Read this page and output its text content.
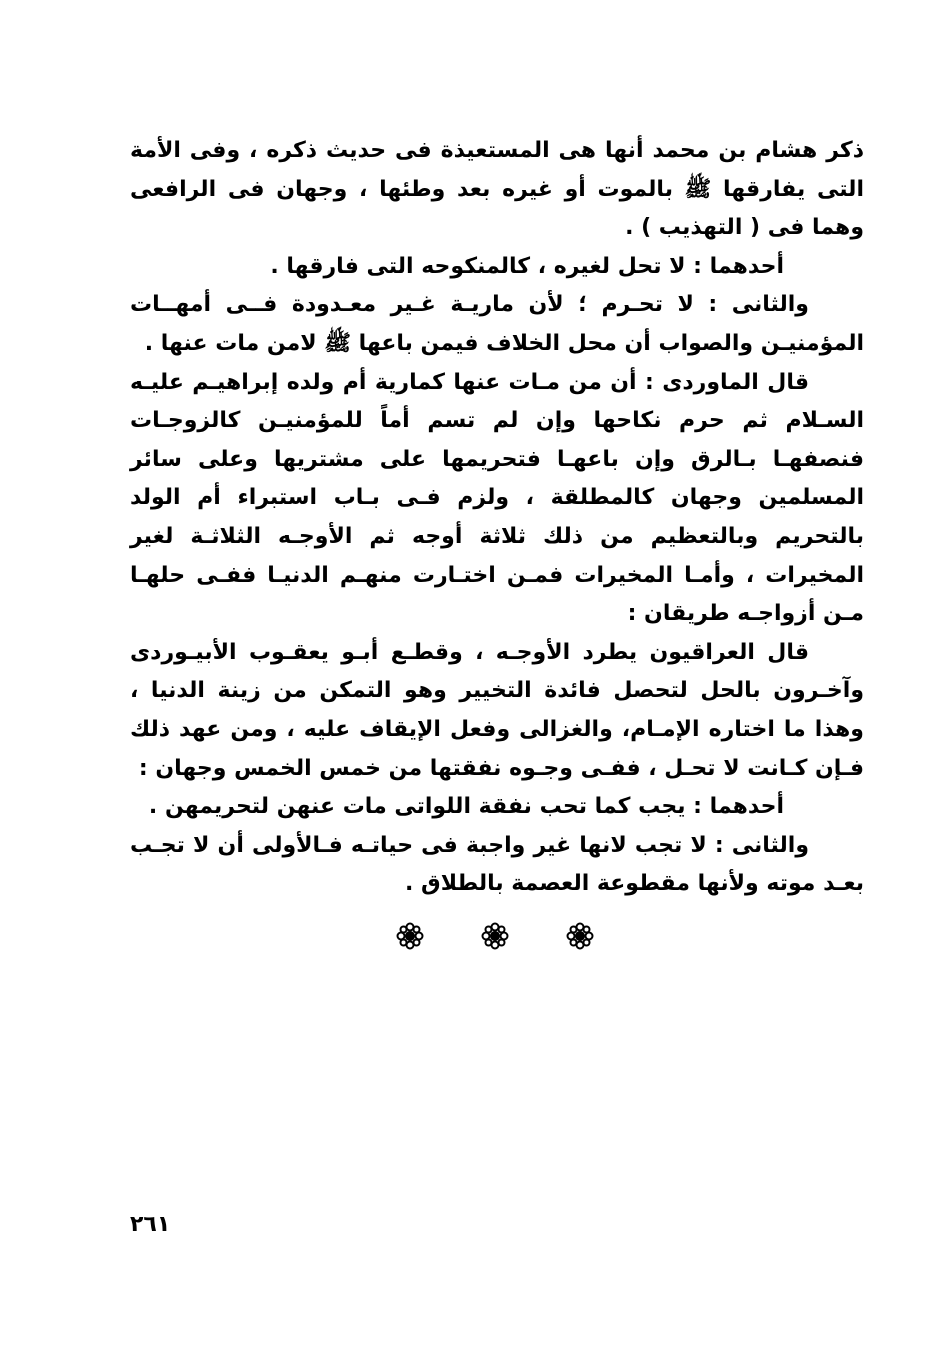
ذكر هشام بن محمد أنها هى المستعيذة فى حديث ذكره ، وفى الأمة التى يفارقها ﷺ بالموت أو غيره بعد وطئها ، وجهان فى الرافعى وهما فى ( التهذيب ) .

أحدهما : لا تحل لغيره ، كالمنكوحه التى فارقها .

والثانى : لا تحـرم ؛ لأن ماريـة غـير معـدودة فــى أمهــات المؤمنيـن والصواب أن محل الخلاف فيمن باعها ﷺ لامن مات عنها .

قال الماوردى : أن من مـات عنها كمارية أم ولده إبراهيـم عليـه السـلام ثم حرم نكاحها وإن لم تسم أماً للمؤمنيـن كالزوجـات فنصفهـا بـالرق وإن باعهـا فتحريمها على مشتريها وعلى سائر المسلمين وجهان كالمطلقة ، ولزم فـى بـاب استبراء أم الولد بالتحريم وبالتعظيم من ذلك ثلاثة أوجه ثم الأوجـه الثلاثـة لغير المخيرات ، وأمـا المخيرات فمـن اختـارت منهـم الدنيـا ففـى حلهـا مـن أزواجـه طريقان :

قال العراقيون يطرد الأوجـه ، وقطـع أبـو يعقـوب الأبيـوردى وآخـرون بالحل لتحصل فائدة التخيير وهو التمكن من زينة الدنيا ، وهذا ما اختاره الإمـام، والغزالى وفعل الإيقاف عليه ، ومن عهد ذلك فـإن كـانت لا تحـل ، ففـى وجـوه نفقتها من خمس الخمس وجهان :

أحدهما : يجب كما تحب نفقة اللواتى مات عنهن لتحريمهن .

والثانى : لا تجب لانها غير واجبة فى حياتـه فـالأولى أن لا تجـب بعـد موته ولأنها مقطوعة العصمة بالطلاق .

٢٦١
